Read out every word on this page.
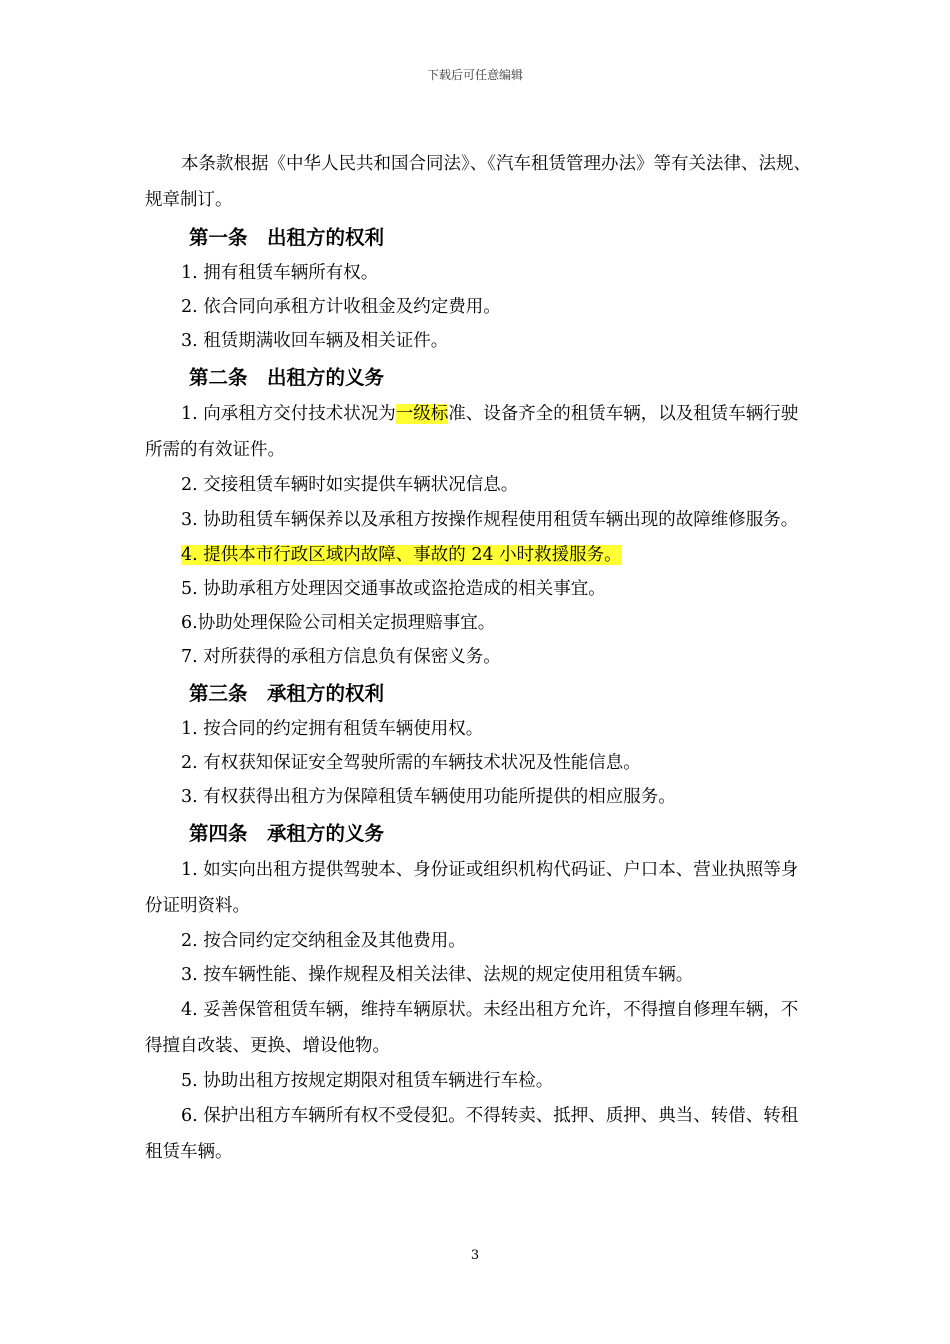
下载后可任意编辑

本条款根据《中华人民共和国合同法》、《汽车租赁管理办法》等有关法律、法规、规章制订。

第一条　出租方的权利

1. 拥有租赁车辆所有权。

2. 依合同向承租方计收租金及约定费用。

3. 租赁期满收回车辆及相关证件。

第二条　出租方的义务

1. 向承租方交付技术状况为一级标准、设备齐全的租赁车辆，以及租赁车辆行驶所需的有效证件。

2. 交接租赁车辆时如实提供车辆状况信息。

3. 协助租赁车辆保养以及承租方按操作规程使用租赁车辆出现的故障维修服务。

4. 提供本市行政区域内故障、事故的 24 小时救援服务。

5. 协助承租方处理因交通事故或盗抢造成的相关事宜。

6.协助处理保险公司相关定损理赔事宜。

7. 对所获得的承租方信息负有保密义务。

第三条　承租方的权利

1. 按合同的约定拥有租赁车辆使用权。

2. 有权获知保证安全驾驶所需的车辆技术状况及性能信息。

3. 有权获得出租方为保障租赁车辆使用功能所提供的相应服务。

第四条　承租方的义务

1. 如实向出租方提供驾驶本、身份证或组织机构代码证、户口本、营业执照等身份证明资料。

2. 按合同约定交纳租金及其他费用。

3. 按车辆性能、操作规程及相关法律、法规的规定使用租赁车辆。

4. 妥善保管租赁车辆，维持车辆原状。未经出租方允许，不得擅自修理车辆，不得擅自改装、更换、增设他物。

5. 协助出租方按规定期限对租赁车辆进行车检。

6. 保护出租方车辆所有权不受侵犯。不得转卖、抵押、质押、典当、转借、转租租赁车辆。

3
